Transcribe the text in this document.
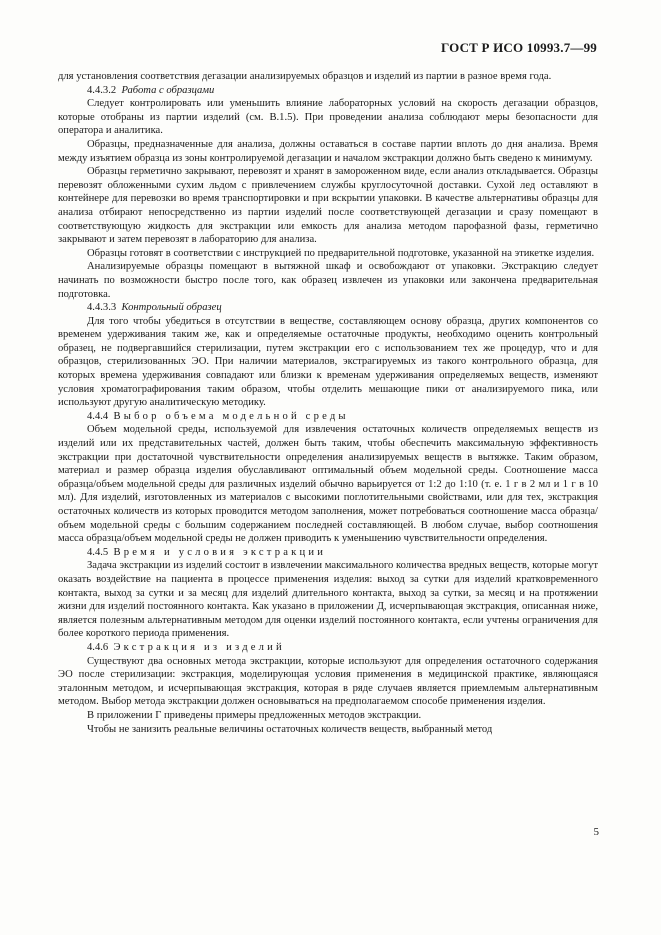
ГОСТ Р ИСО 10993.7—99

для установления соответствия дегазации анализируемых образцов и изделий из партии в разное время года.

4.4.3.2 Работа с образцами

Следует контролировать или уменьшить влияние лабораторных условий на скорость дегазации образцов, которые отобраны из партии изделий (см. В.1.5). При проведении анализа соблюдают меры безопасности для оператора и аналитика.

Образцы, предназначенные для анализа, должны оставаться в составе партии вплоть до дня анализа. Время между изъятием образца из зоны контролируемой дегазации и началом экстракции должно быть сведено к минимуму.

Образцы герметично закрывают, перевозят и хранят в замороженном виде, если анализ откладывается. Образцы перевозят обложенными сухим льдом с привлечением службы круглосуточной доставки. Сухой лед оставляют в контейнере для перевозки во время транспортировки и при вскрытии упаковки. В качестве альтернативы образцы для анализа отбирают непосредственно из партии изделий после соответствующей дегазации и сразу помещают в соответствующую жидкость для экстракции или емкость для анализа методом парофазной фазы, герметично закрывают и затем перевозят в лабораторию для анализа.

Образцы готовят в соответствии с инструкцией по предварительной подготовке, указанной на этикетке изделия.

Анализируемые образцы помещают в вытяжной шкаф и освобождают от упаковки. Экстракцию следует начинать по возможности быстро после того, как образец извлечен из упаковки или закончена предварительная подготовка.

4.4.3.3 Контрольный образец

Для того чтобы убедиться в отсутствии в веществе, составляющем основу образца, других компонентов со временем удерживания таким же, как и определяемые остаточные продукты, необходимо оценить контрольный образец, не подвергавшийся стерилизации, путем экстракции его с использованием тех же процедур, что и для образцов, стерилизованных ЭО. При наличии материалов, экстрагируемых из такого контрольного образца, для которых времена удерживания совпадают или близки к временам удерживания определяемых веществ, изменяют условия хроматографирования таким образом, чтобы отделить мешающие пики от анализируемого пика, или используют другую аналитическую методику.

4.4.4 Выбор объема модельной среды

Объем модельной среды, используемой для извлечения остаточных количеств определяемых веществ из изделий или их представительных частей, должен быть таким, чтобы обеспечить максимальную эффективность экстракции при достаточной чувствительности определения анализируемых веществ в вытяжке. Таким образом, материал и размер образца изделия обуславливают оптимальный объем модельной среды. Соотношение масса образца/объем модельной среды для различных изделий обычно варьируется от 1:2 до 1:10 (т. е. 1 г в 2 мл и 1 г в 10 мл). Для изделий, изготовленных из материалов с высокими поглотительными свойствами, или для тех, экстракция остаточных количеств из которых проводится методом заполнения, может потребоваться соотношение масса образца/объем модельной среды с большим содержанием последней составляющей. В любом случае, выбор соотношения масса образца/объем модельной среды не должен приводить к уменьшению чувствительности определения.

4.4.5 Время и условия экстракции

Задача экстракции из изделий состоит в извлечении максимального количества вредных веществ, которые могут оказать воздействие на пациента в процессе применения изделия: выход за сутки для изделий кратковременного контакта, выход за сутки и за месяц для изделий длительного контакта, выход за сутки, за месяц и на протяжении жизни для изделий постоянного контакта. Как указано в приложении Д, исчерпывающая экстракция, описанная ниже, является полезным альтернативным методом для оценки изделий постоянного контакта, если учтены ограничения для более короткого периода применения.

4.4.6 Экстракция из изделий

Существуют два основных метода экстракции, которые используют для определения остаточного содержания ЭО после стерилизации: экстракция, моделирующая условия применения в медицинской практике, являющаяся эталонным методом, и исчерпывающая экстракция, которая в ряде случаев является приемлемым альтернативным методом. Выбор метода экстракции должен основываться на предполагаемом способе применения изделия.

В приложении Г приведены примеры предложенных методов экстракции.

Чтобы не занизить реальные величины остаточных количеств веществ, выбранный метод

5
